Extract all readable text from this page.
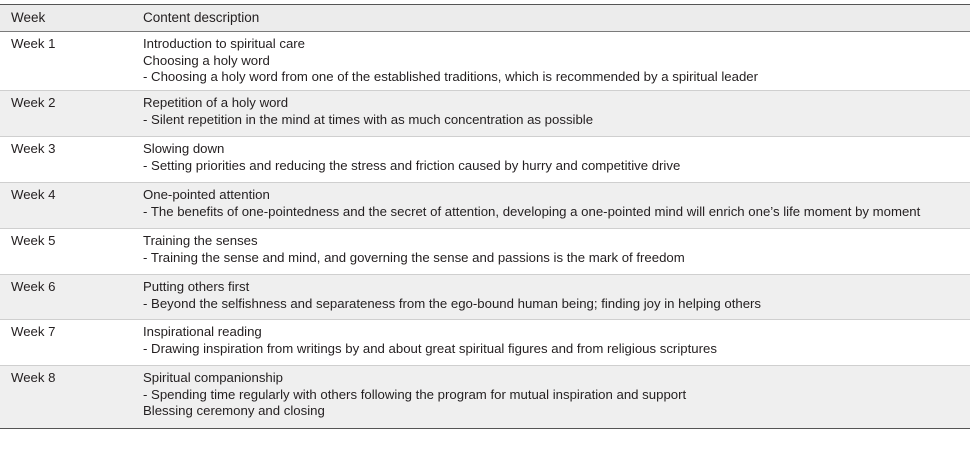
Week	Content description
Week 1	Introduction to spiritual care
Choosing a holy word
- Choosing a holy word from one of the established traditions, which is recommended by a spiritual leader
Week 2	Repetition of a holy word
- Silent repetition in the mind at times with as much concentration as possible
Week 3	Slowing down
- Setting priorities and reducing the stress and friction caused by hurry and competitive drive
Week 4	One-pointed attention
- The benefits of one-pointedness and the secret of attention, developing a one-pointed mind will enrich one’s life moment by moment
Week 5	Training the senses
- Training the sense and mind, and governing the sense and passions is the mark of freedom
Week 6	Putting others first
- Beyond the selfishness and separateness from the ego-bound human being; finding joy in helping others
Week 7	Inspirational reading
- Drawing inspiration from writings by and about great spiritual figures and from religious scriptures
Week 8	Spiritual companionship
- Spending time regularly with others following the program for mutual inspiration and support
Blessing ceremony and closing
